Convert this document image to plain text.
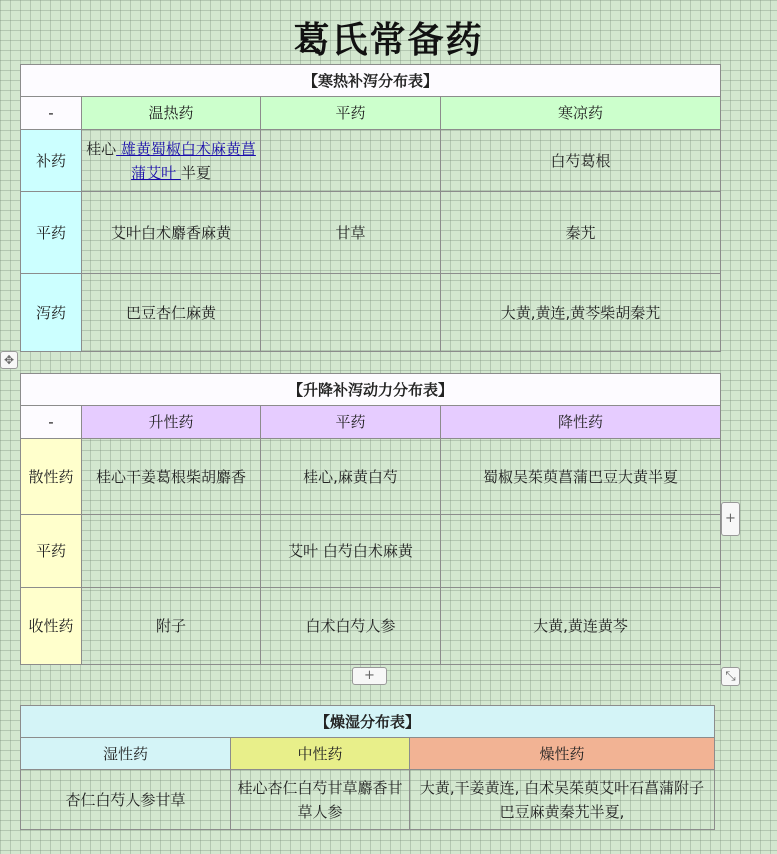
葛氏常备药
【寒热补泻分布表】			
-	温热药	平药	寒凉药
补药	桂心 雄黄蜀椒白术麻黄菖蒲艾叶 半夏		白芍葛根
平药	艾叶白术麝香麻黄	甘草	秦艽
泻药	巴豆杏仁麻黄		大黄,黄连,黄芩柴胡秦艽
✥
【升降补泻动力分布表】			
-	升性药	平药	降性药
散性药	桂心干姜葛根柴胡麝香	桂心,麻黄白芍	蜀椒吴茱萸菖蒲巴豆大黄半夏
平药		艾叶 白芍白术麻黄	
收性药	附子	白术白芍人参	大黄,黄连黄芩
+
+	⤡
【燥湿分布表】		
湿性药	中性药	燥性药
杏仁白芍人参甘草	桂心杏仁白芍甘草麝香甘草人参	大黄,干姜黄连, 白术吴茱萸艾叶石菖蒲附子巴豆麻黄秦艽半夏,
